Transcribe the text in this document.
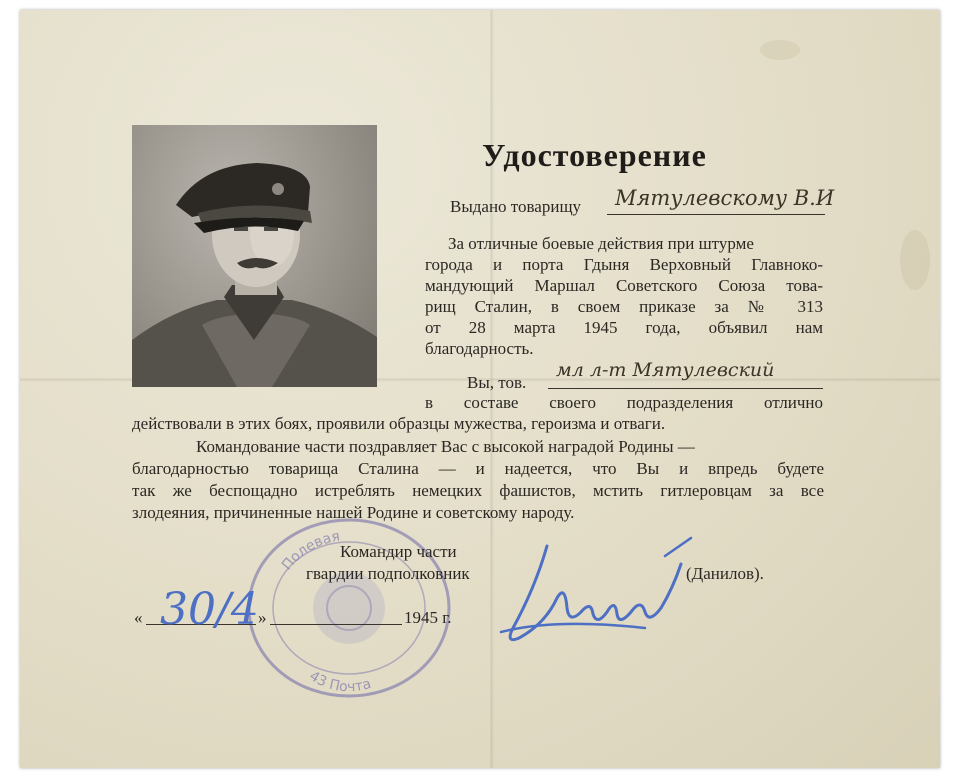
Удостоверение
Выдано товарищу Мятулевскому В.И
За отличные боевые действия при штурме
города и порта Гдыня Верховный Главноко-
мандующий Маршал Советского Союза това-
рищ Сталин, в своем приказе за № 313
от 28 марта 1945 года, объявил нам
благодарность.
Вы, тов.
мл л-т Мятулевский
в составе своего подразделения отлично
действовали в этих боях, проявили образцы мужества, героизма и отваги.
Командование части поздравляет Вас с высокой наградой Родины —
благодарностью товарища Сталина — и надеется, что Вы и впредь будете
так же беспощадно истреблять немецких фашистов, мстить гитлеровцам за все
злодеяния, причиненные нашей Родине и советскому народу.
Полевая
43 Почта
Командир части
гвардии подполковник	(Данилов).
«	»
30/4	1945 г.
